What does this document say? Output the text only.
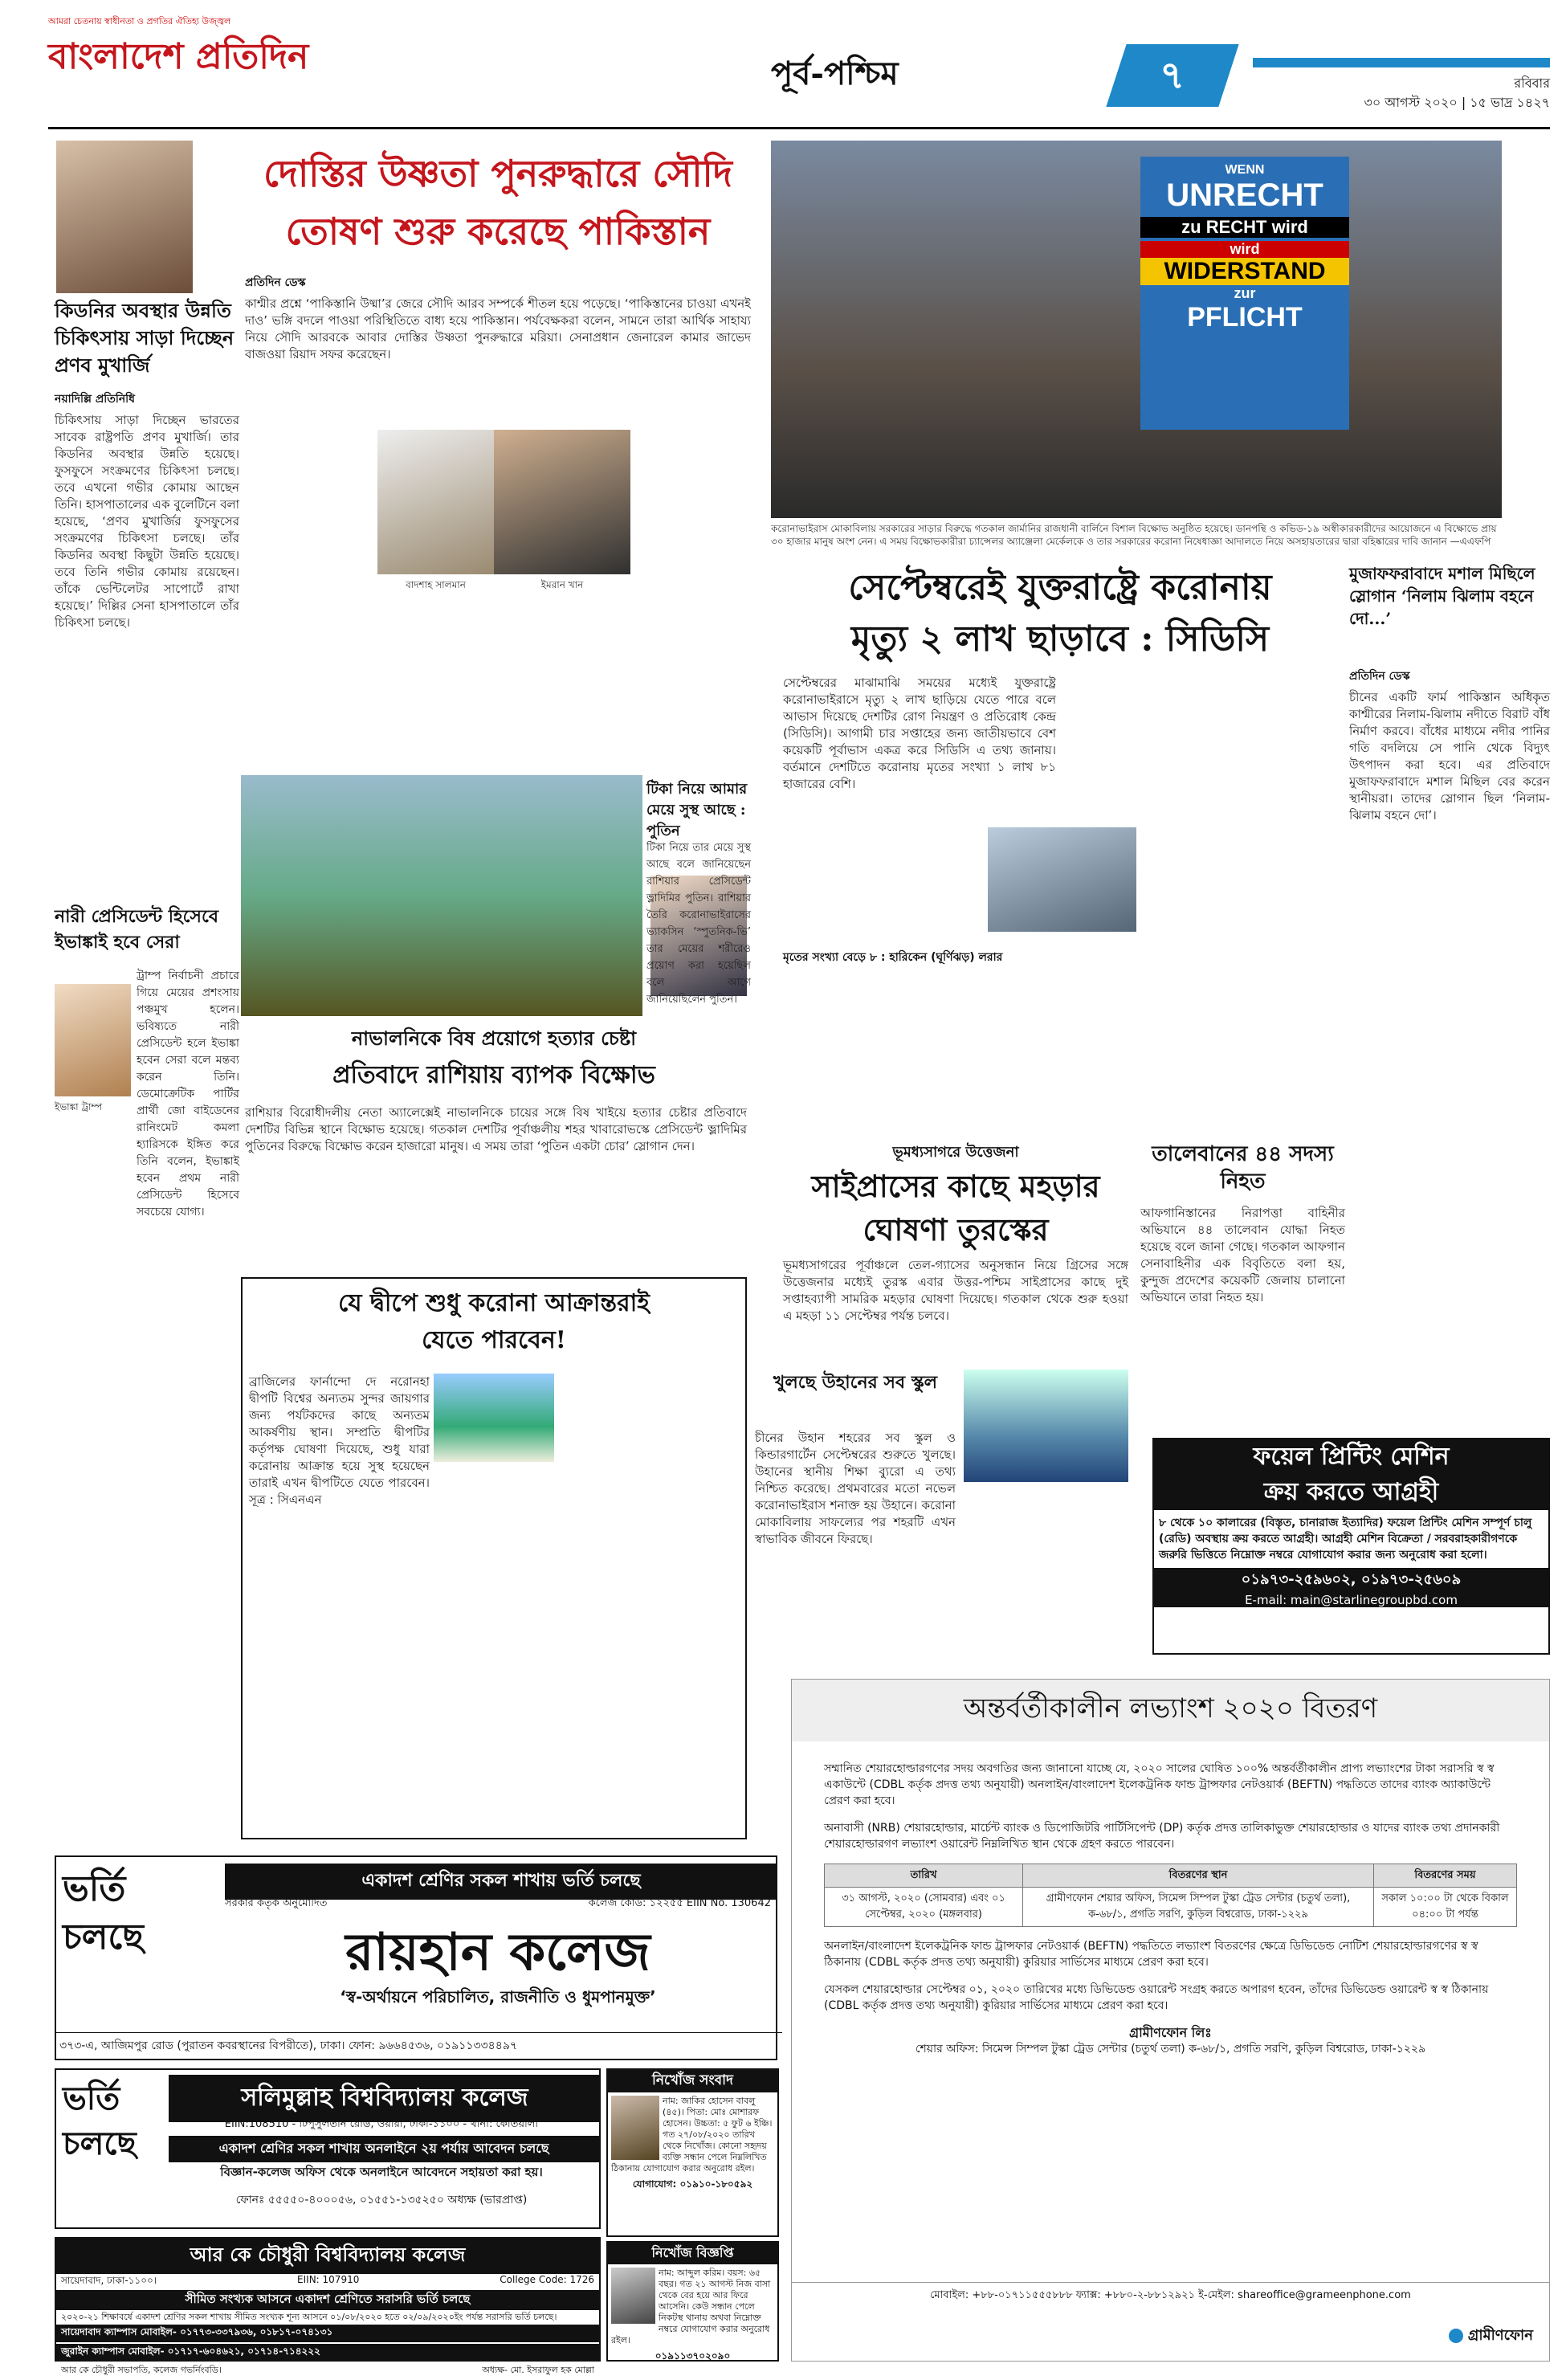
আমরা চেতনায় স্বাধীনতা ও প্রগতির ঐতিহ্য উজ্জ্বল
বাংলাদেশ প্রতিদিন	পূর্ব-পশ্চিম	৭	রবিবার
৩০ আগস্ট ২০২০ | ১৫ ভাদ্র ১৪২৭
কিডনির অবস্থার উন্নতি চিকিৎসায় সাড়া দিচ্ছেন প্রণব মুখার্জি
নয়াদিল্লি প্রতিনিধি
চিকিৎসায় সাড়া দিচ্ছেন ভারতের সাবেক রাষ্ট্রপতি প্রণব মুখার্জি। তার কিডনির অবস্থার উন্নতি হয়েছে। ফুসফুসে সংক্রমণের চিকিৎসা চলছে। তবে এখনো গভীর কোমায় আছেন তিনি। হাসপাতালের এক বুলেটিনে বলা হয়েছে, ‘প্রণব মুখার্জির ফুসফুসের সংক্রমণের চিকিৎসা চলছে। তাঁর কিডনির অবস্থা কিছুটা উন্নতি হয়েছে। তবে তিনি গভীর কোমায় রয়েছেন। তাঁকে ভেন্টিলেটর সাপোর্টে রাখা হয়েছে।’ দিল্লির সেনা হাসপাতালে তাঁর চিকিৎসা চলছে।
নারী প্রেসিডেন্ট হিসেবে ইভাঙ্কাই হবে সেরা
ইভাঙ্কা ট্রাম্প
ট্রাম্প নির্বাচনী প্রচারে গিয়ে মেয়ের প্রশংসায় পঞ্চমুখ হলেন। ভবিষ্যতে নারী প্রেসিডেন্ট হলে ইভাঙ্কা হবেন সেরা বলে মন্তব্য করেন তিনি। ডেমোক্রেটিক পার্টির প্রার্থী জো বাইডেনের রানিংমেট কমলা হ্যারিসকে ইঙ্গিত করে তিনি বলেন, ইভাঙ্কাই হবেন প্রথম নারী প্রেসিডেন্ট হিসেবে সবচেয়ে যোগ্য।
দোস্তির উষ্ণতা পুনরুদ্ধারে সৌদি
তোষণ শুরু করেছে পাকিস্তান
প্রতিদিন ডেস্ক
কাশ্মীর প্রশ্নে ‘পাকিস্তানি উষ্মা’র জেরে সৌদি আরব সম্পর্কে শীতল হয়ে পড়েছে। ‘পাকিস্তানের চাওয়া এখনই দাও’ ভঙ্গি বদলে পাওয়া পরিস্থিতিতে বাধ্য হয়ে পাকিস্তান। পর্যবেক্ষকরা বলেন, সামনে তারা আর্থিক সাহায্য নিয়ে সৌদি আরবকে আবার দোস্তির উষ্ণতা পুনরুদ্ধারে মরিয়া। সেনাপ্রধান জেনারেল কামার জাভেদ বাজওয়া রিয়াদ সফর করেছেন।
বাদশাহ সালমান	ইমরান খান
WENN
UNRECHT
zu RECHT wird
wird
WIDERSTAND
zur
PFLICHT
করোনাভাইরাস মোকাবিলায় সরকারের সাড়ার বিরুদ্ধে গতকাল জার্মানির রাজধানী বার্লিনে বিশাল বিক্ষোভ অনুষ্ঠিত হয়েছে। ডানপন্থি ও কভিড-১৯ অস্বীকারকারীদের আয়োজনে এ বিক্ষোভে প্রায় ৩০ হাজার মানুষ অংশ নেন। এ সময় বিক্ষোভকারীরা চ্যান্সেলর অ্যাঞ্জেলা মের্কেলকে ও তার সরকারের করোনা নিষেধাজ্ঞা আদালতে নিয়ে অসহায়তারের দ্বারা বহিষ্কারের দাবি জানান —এএফপি
সেপ্টেম্বরেই যুক্তরাষ্ট্রে করোনায়
মৃত্যু ২ লাখ ছাড়াবে : সিডিসি
সেপ্টেম্বরের মাঝামাঝি সময়ের মধ্যেই যুক্তরাষ্ট্রে করোনাভাইরাসে মৃত্যু ২ লাখ ছাড়িয়ে যেতে পারে বলে আভাস দিয়েছে দেশটির রোগ নিয়ন্ত্রণ ও প্রতিরোধ কেন্দ্র (সিডিসি)। আগামী চার সপ্তাহের জন্য জাতীয়ভাবে বেশ কয়েকটি পূর্বাভাস একত্র করে সিডিসি এ তথ্য জানায়। বর্তমানে দেশটিতে করোনায় মৃতের সংখ্যা ১ লাখ ৮১ হাজারের বেশি।
মৃতের সংখ্যা বেড়ে ৮ : হারিকেন (ঘূর্ণিঝড়) লরার
মুজাফফরাবাদে মশাল মিছিলে স্লোগান ‘নিলাম ঝিলাম বহনে দো...’
প্রতিদিন ডেস্ক
চীনের একটি ফার্ম পাকিস্তান অধিকৃত কাশ্মীরের নিলাম-ঝিলাম নদীতে বিরাট বাঁধ নির্মাণ করবে। বাঁধের মাধ্যমে নদীর পানির গতি বদলিয়ে সে পানি থেকে বিদ্যুৎ উৎপাদন করা হবে। এর প্রতিবাদে মুজাফফরাবাদে মশাল মিছিল বের করেন স্থানীয়রা। তাদের স্লোগান ছিল ‘নিলাম-ঝিলাম বহনে দো’।
নাভালনিকে বিষ প্রয়োগে হত্যার চেষ্টা
প্রতিবাদে রাশিয়ায় ব্যাপক বিক্ষোভ
রাশিয়ার বিরোধীদলীয় নেতা অ্যালেক্সেই নাভালনিকে চায়ের সঙ্গে বিষ খাইয়ে হত্যার চেষ্টার প্রতিবাদে দেশটির বিভিন্ন স্থানে বিক্ষোভ হয়েছে। গতকাল দেশটির পূর্বাঞ্চলীয় শহর খাবারোভস্কে প্রেসিডেন্ট ভ্লাদিমির পুতিনের বিরুদ্ধে বিক্ষোভ করেন হাজারো মানুষ। এ সময় তারা ‘পুতিন একটা চোর’ স্লোগান দেন।
টিকা নিয়ে আমার মেয়ে সুস্থ আছে : পুতিন
টিকা নিয়ে তার মেয়ে সুস্থ আছে বলে জানিয়েছেন রাশিয়ার প্রেসিডেন্ট ভ্লাদিমির পুতিন। রাশিয়ার তৈরি করোনাভাইরাসের ভ্যাকসিন ‘স্পুতনিক-ভি’ তার মেয়ের শরীরেও প্রয়োগ করা হয়েছিল বলে আগে জানিয়েছিলেন পুতিন।
ভূমধ্যসাগরে উত্তেজনা
সাইপ্রাসের কাছে মহড়ার
ঘোষণা তুরস্কের
ভূমধ্যসাগরের পূর্বাঞ্চলে তেল-গ্যাসের অনুসন্ধান নিয়ে গ্রিসের সঙ্গে উত্তেজনার মধ্যেই তুরস্ক এবার উত্তর-পশ্চিম সাইপ্রাসের কাছে দুই সপ্তাহব্যাপী সামরিক মহড়ার ঘোষণা দিয়েছে। গতকাল থেকে শুরু হওয়া এ মহড়া ১১ সেপ্টেম্বর পর্যন্ত চলবে।
তালেবানের ৪৪ সদস্য নিহত
আফগানিস্তানের নিরাপত্তা বাহিনীর অভিযানে ৪৪ তালেবান যোদ্ধা নিহত হয়েছে বলে জানা গেছে। গতকাল আফগান সেনাবাহিনীর এক বিবৃতিতে বলা হয়, কুন্দুজ প্রদেশের কয়েকটি জেলায় চালানো অভিযানে তারা নিহত হয়।
যে দ্বীপে শুধু করোনা আক্রান্তরাই
যেতে পারবেন!
ব্রাজিলের ফার্নান্দো দে নরোনহা দ্বীপটি বিশ্বের অন্যতম সুন্দর জায়গার জন্য পর্যটকদের কাছে অন্যতম আকর্ষণীয় স্থান। সম্প্রতি দ্বীপটির কর্তৃপক্ষ ঘোষণা দিয়েছে, শুধু যারা করোনায় আক্রান্ত হয়ে সুস্থ হয়েছেন তারাই এখন দ্বীপটিতে যেতে পারবেন। সূত্র : সিএনএন
খুলছে উহানের সব স্কুল
চীনের উহান শহরের সব স্কুল ও কিন্ডারগার্টেন সেপ্টেম্বরের শুরুতে খুলছে। উহানের স্থানীয় শিক্ষা ব্যুরো এ তথ্য নিশ্চিত করেছে। প্রথমবারের মতো নভেল করোনাভাইরাস শনাক্ত হয় উহানে। করোনা মোকাবিলায় সাফল্যের পর শহরটি এখন স্বাভাবিক জীবনে ফিরছে।
ফয়েল প্রিন্টিং মেশিন
ক্রয় করতে আগ্রহী
৮ থেকে ১০ কালারের (বিস্তৃত, চানারাজ ইত্যাদির) ফয়েল প্রিন্টিং মেশিন সম্পূর্ণ চালু (রেডি) অবস্থায় ক্রয় করতে আগ্রহী। আগ্রহী মেশিন বিক্রেতা / সরবরাহকারীগণকে জরুরি ভিত্তিতে নিম্নোক্ত নম্বরে যোগাযোগ করার জন্য অনুরোধ করা হলো।
০১৯৭৩-২৫৯৬০২, ০১৯৭৩-২৫৬০৯
E-mail: main@starlinegroupbd.com
অন্তর্বর্তীকালীন লভ্যাংশ ২০২০ বিতরণ

সম্মানিত শেয়ারহোল্ডারগণের সদয় অবগতির জন্য জানানো যাচ্ছে যে, ২০২০ সালের ঘোষিত ১০০% অন্তর্বর্তীকালীন প্রাপ্য লভ্যাংশের টাকা সরাসরি স্ব স্ব একাউন্টে (CDBL কর্তৃক প্রদত্ত তথ্য অনুযায়ী) অনলাইন/বাংলাদেশ ইলেকট্রনিক ফান্ড ট্রান্সফার নেটওয়ার্ক (BEFTN) পদ্ধতিতে তাদের ব্যাংক অ্যাকাউন্টে প্রেরণ করা হবে।

অনাবাসী (NRB) শেয়ারহোল্ডার, মার্চেন্ট ব্যাংক ও ডিপোজিটরি পার্টিসিপেন্ট (DP) কর্তৃক প্রদত্ত তালিকাভুক্ত শেয়ারহোল্ডার ও যাদের ব্যাংক তথ্য প্রদানকারী শেয়ারহোল্ডারগণ লভ্যাংশ ওয়ারেন্ট নিম্নলিখিত স্থান থেকে গ্রহণ করতে পারবেন।

তারিখ	বিতরণের স্থান	বিতরণের সময়
৩১ আগস্ট, ২০২০ (সোমবার) এবং ০১ সেপ্টেম্বর, ২০২০ (মঙ্গলবার)	গ্রামীণফোন শেয়ার অফিস, সিমেন্স সিম্পল টুস্কা ট্রেড সেন্টার (চতুর্থ তলা), ক-৬৮/১, প্রগতি সরণি, কুড়িল বিশ্বরোড, ঢাকা-১২২৯	সকাল ১০:০০ টা থেকে বিকাল ০৪:০০ টা পর্যন্ত

অনলাইন/বাংলাদেশ ইলেকট্রনিক ফান্ড ট্রান্সফার নেটওয়ার্ক (BEFTN) পদ্ধতিতে লভ্যাংশ বিতরণের ক্ষেত্রে ডিভিডেন্ড নোটিশ শেয়ারহোল্ডারগণের স্ব স্ব ঠিকানায় (CDBL কর্তৃক প্রদত্ত তথ্য অনুযায়ী) কুরিয়ার সার্ভিসের মাধ্যমে প্রেরণ করা হবে।

যেসকল শেয়ারহোল্ডার সেপ্টেম্বর ০১, ২০২০ তারিখের মধ্যে ডিভিডেন্ড ওয়ারেন্ট সংগ্রহ করতে অপারগ হবেন, তাঁদের ডিভিডেন্ড ওয়ারেন্ট স্ব স্ব ঠিকানায় (CDBL কর্তৃক প্রদত্ত তথ্য অনুযায়ী) কুরিয়ার সার্ভিসের মাধ্যমে প্রেরণ করা হবে।

গ্রামীণফোন লিঃ
শেয়ার অফিস: সিমেন্স সিম্পল টুস্কা ট্রেড সেন্টার (চতুর্থ তলা) ক-৬৮/১, প্রগতি সরণি, কুড়িল বিশ্বরোড, ঢাকা-১২২৯
মোবাইল: +৮৮-০১৭১১৫৫৫৮৮৮ ফ্যাক্স: +৮৮০-২-৮৮১২৯২১ ই-মেইল: shareoffice@grameenphone.com
গ্রামীণফোন
ভর্তি চলছে
একাদশ শ্রেণির সকল শাখায় ভর্তি চলছে
সরকার কর্তৃক অনুমোদিত	কলেজ কোড: ১২২৫৫ EIIN No. 130642
রায়হান কলেজ
‘স্ব-অর্থায়নে পরিচালিত, রাজনীতি ও ধুমপানমুক্ত’
৩৭৩-এ, আজিমপুর রোড (পুরাতন কবরস্থানের বিপরীতে), ঢাকা। ফোন: ৯৬৬৪৫৩৬, ০১৯১১৩৩৪৪৯৭
নিখোঁজ সংবাদ
নাম: জাকির হোসেন বাবলু (৪৫)। পিতা: মোঃ মোশারফ হোসেন। উচ্চতা: ৫ ফুট ৬ ইঞ্চি। গত ২৭/০৮/২০২০ তারিখ থেকে নিখোঁজ। কোনো সহৃদয় ব্যক্তি সন্ধান পেলে নিম্নলিখিত ঠিকানায় যোগাযোগ করার অনুরোধ রইল।
যোগাযোগ: ০১৯১০-১৮০৫৯২
ভর্তি চলছে
সলিমুল্লাহ বিশ্ববিদ্যালয় কলেজ
EIIN:108510 - টিপুসুলতান রোড, ওয়ারী, ঢাকা-১১০০ - থানা: কোতয়ালী
একাদশ শ্রেণির সকল শাখায় অনলাইনে ২য় পর্যায় আবেদন চলছে
বিজ্ঞান-কলেজ অফিস থেকে অনলাইনে আবেদনে সহায়তা করা হয়।
ফোনঃ ৫৫৫৫০-৪০০০৫৬, ০১৫৫১-১৩৫২৫০ অধ্যক্ষ (ভারপ্রাপ্ত)
নিখোঁজ বিজ্ঞপ্তি
নাম: আব্দুল করিম। বয়স: ৬৫ বছর। গত ২১ আগস্ট নিজ বাসা থেকে বের হয়ে আর ফিরে আসেনি। কেউ সন্ধান পেলে নিকটস্থ থানায় অথবা নিম্নোক্ত নম্বরে যোগাযোগ করার অনুরোধ রইল।
০১৯১১৩৭০২০৯০
আর কে চৌধুরী বিশ্ববিদ্যালয় কলেজ
সায়েদাবাদ, ঢাকা-১১০০।	EIIN: 107910	College Code: 1726
সীমিত সংখ্যক আসনে একাদশ শ্রেণিতে সরাসরি ভর্তি চলছে
২০২০-২১ শিক্ষাবর্ষে একাদশ শ্রেণির সকল শাখায় সীমিত সংখ্যক শূন্য আসনে ০১/০৮/২০২০ হতে ০২/০৯/২০২০ইং পর্যন্ত সরাসরি ভর্তি চলছে।
সায়েদাবাদ ক্যাম্পাস মোবাইল- ০১৭৭৩-৩৩৭৯৩৬, ০১৮১৭-০৭৪১৩১
জুরাইন ক্যাম্পাস মোবাইল- ০১৭১৭-৬০৪৬২১, ০১৭১৪-৭১৪২২২
আর কে চৌধুরী সভাপতি, কলেজ গভর্নিংবডি।	অধ্যক্ষ- মো. ইসরাফুল হক মোল্লা
